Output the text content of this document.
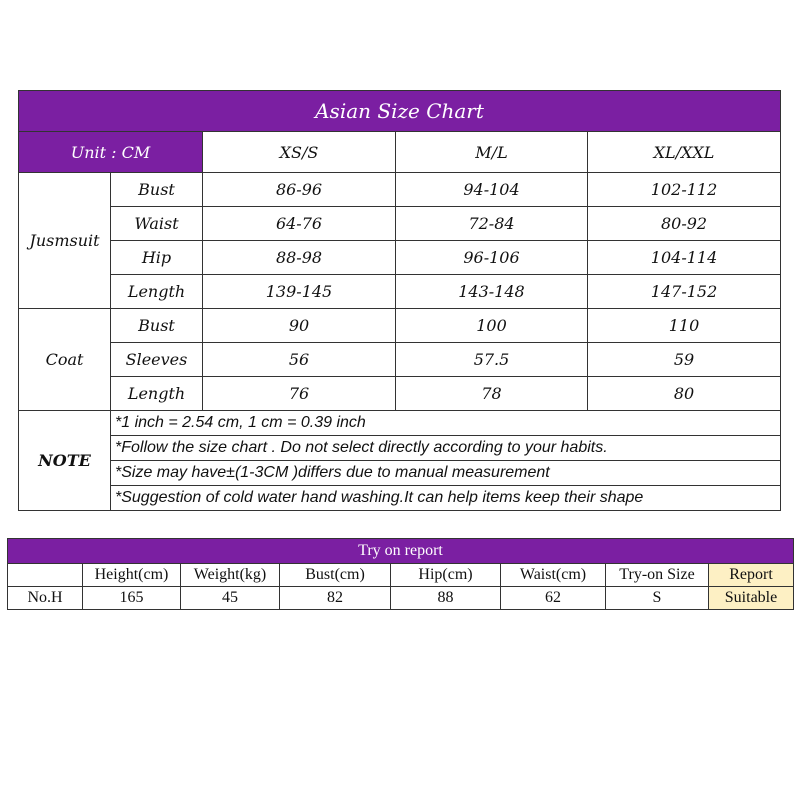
Asian Size Chart				
Unit : CM		XS/S	M/L	XL/XXL
Jusmsuit	Bust	86-96	94-104	102-112
	Waist	64-76	72-84	80-92
	Hip	88-98	96-106	104-114
	Length	139-145	143-148	147-152
Coat	Bust	90	100	110
	Sleeves	56	57.5	59
	Length	76	78	80
NOTE	*1 inch = 2.54 cm, 1 cm = 0.39 inch			
	*Follow the size chart . Do not select directly according to your habits.			
	*Size may have±(1-3CM )differs due to manual measurement			
	*Suggestion of cold water hand washing.It can help items keep their shape			
Try on report							
	Height(cm)	Weight(kg)	Bust(cm)	Hip(cm)	Waist(cm)	Try-on Size	Report
No.H	165	45	82	88	62	S	Suitable
